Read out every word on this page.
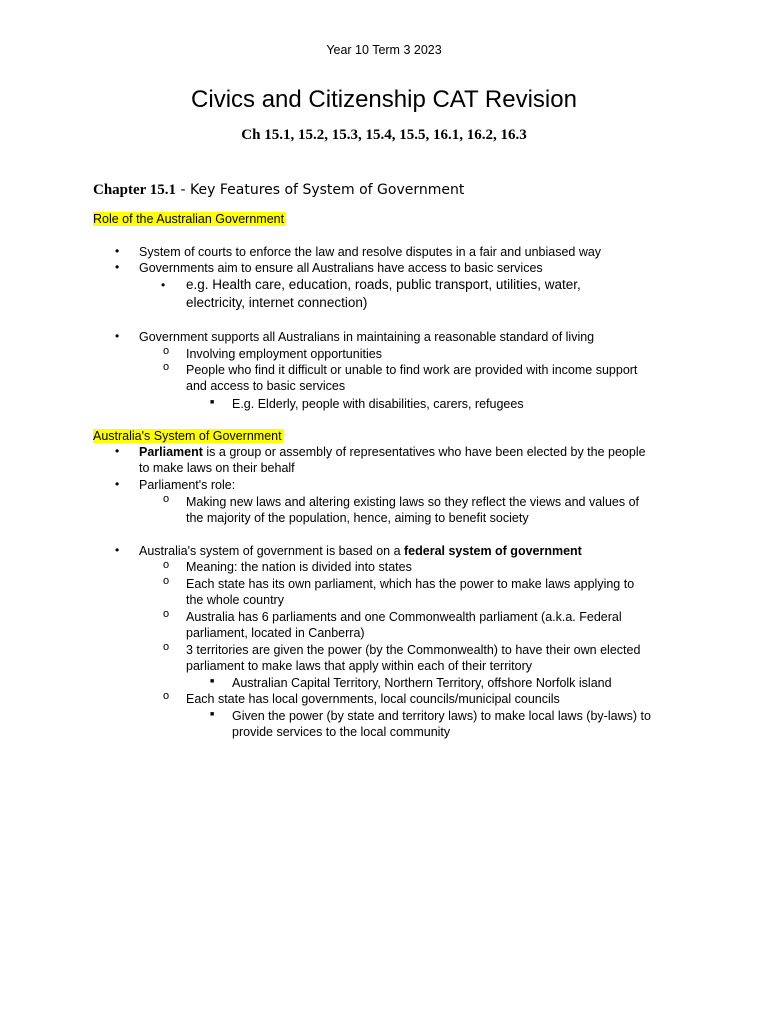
Year 10 Term 3 2023
Civics and Citizenship CAT Revision
Ch 15.1, 15.2, 15.3, 15.4, 15.5, 16.1, 16.2, 16.3
Chapter 15.1 - Key Features of System of Government
Role of the Australian Government
• System of courts to enforce the law and resolve disputes in a fair and unbiased way
• Governments aim to ensure all Australians have access to basic services
• e.g. Health care, education, roads, public transport, utilities, water,
electricity, internet connection)
• Government supports all Australians in maintaining a reasonable standard of living
o Involving employment opportunities
o People who find it difficult or unable to find work are provided with income support
and access to basic services
■ E.g. Elderly, people with disabilities, carers, refugees
Australia's System of Government
• Parliament is a group or assembly of representatives who have been elected by the people
to make laws on their behalf
• Parliament's role:
o Making new laws and altering existing laws so they reflect the views and values of
the majority of the population, hence, aiming to benefit society
• Australia's system of government is based on a federal system of government
o Meaning: the nation is divided into states
o Each state has its own parliament, which has the power to make laws applying to
the whole country
o Australia has 6 parliaments and one Commonwealth parliament (a.k.a. Federal
parliament, located in Canberra)
o 3 territories are given the power (by the Commonwealth) to have their own elected
parliament to make laws that apply within each of their territory
■ Australian Capital Territory, Northern Territory, offshore Norfolk island
o Each state has local governments, local councils/municipal councils
■ Given the power (by state and territory laws) to make local laws (by-laws) to
provide services to the local community
